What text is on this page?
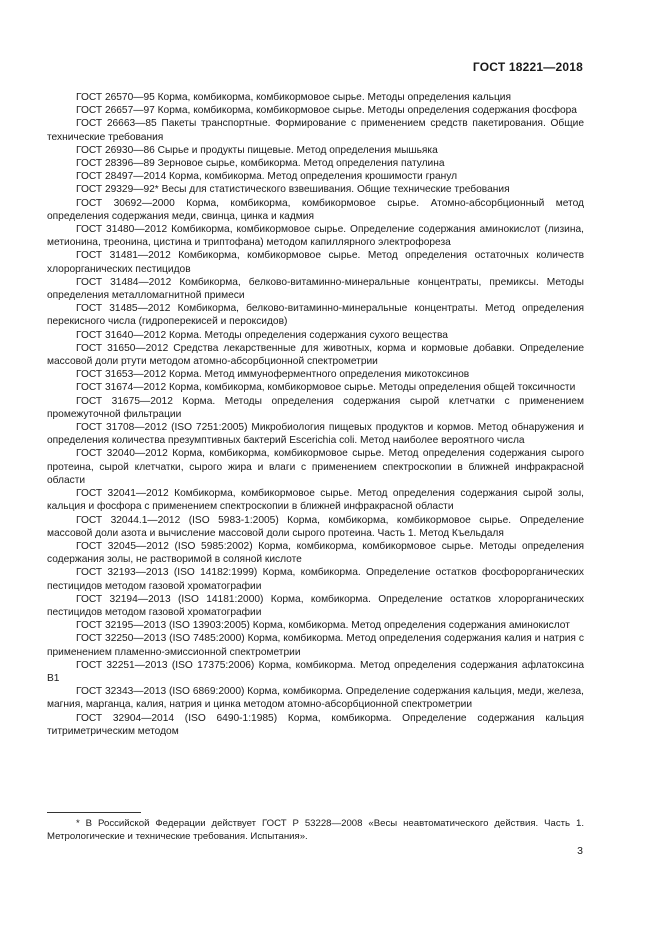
ГОСТ 18221—2018

ГОСТ 26570—95 Корма, комбикорма, комбикормовое сырье. Методы определения кальция

ГОСТ 26657—97 Корма, комбикорма, комбикормовое сырье. Методы определения содержания фосфора

ГОСТ 26663—85 Пакеты транспортные. Формирование с применением средств пакетирования. Общие технические требования

ГОСТ 26930—86 Сырье и продукты пищевые. Метод определения мышьяка

ГОСТ 28396—89 Зерновое сырье, комбикорма. Метод определения патулина

ГОСТ 28497—2014 Корма, комбикорма. Метод определения крошимости гранул

ГОСТ 29329—92* Весы для статистического взвешивания. Общие технические требования

ГОСТ 30692—2000 Корма, комбикорма, комбикормовое сырье. Атомно-абсорбционный метод определения содержания меди, свинца, цинка и кадмия

ГОСТ 31480—2012 Комбикорма, комбикормовое сырье. Определение содержания аминокислот (лизина, метионина, треонина, цистина и триптофана) методом капиллярного электрофореза

ГОСТ 31481—2012 Комбикорма, комбикормовое сырье. Метод определения остаточных количеств хлорорганических пестицидов

ГОСТ 31484—2012 Комбикорма, белково-витаминно-минеральные концентраты, премиксы. Методы определения металломагнитной примеси

ГОСТ 31485—2012 Комбикорма, белково-витаминно-минеральные концентраты. Метод определения перекисного числа (гидроперекисей и пероксидов)

ГОСТ 31640—2012 Корма. Методы определения содержания сухого вещества

ГОСТ 31650—2012 Средства лекарственные для животных, корма и кормовые добавки. Определение массовой доли ртути методом атомно-абсорбционной спектрометрии

ГОСТ 31653—2012 Корма. Метод иммуноферментного определения микотоксинов

ГОСТ 31674—2012 Корма, комбикорма, комбикормовое сырье. Методы определения общей токсичности

ГОСТ 31675—2012 Корма. Методы определения содержания сырой клетчатки с применением промежуточной фильтрации

ГОСТ 31708—2012 (ISO 7251:2005) Микробиология пищевых продуктов и кормов. Метод обнаружения и определения количества презумптивных бактерий Escerichia coli. Метод наиболее вероятного числа

ГОСТ 32040—2012 Корма, комбикорма, комбикормовое сырье. Метод определения содержания сырого протеина, сырой клетчатки, сырого жира и влаги с применением спектроскопии в ближней инфракрасной области

ГОСТ 32041—2012 Комбикорма, комбикормовое сырье. Метод определения содержания сырой золы, кальция и фосфора с применением спектроскопии в ближней инфракрасной области

ГОСТ 32044.1—2012 (ISO 5983-1:2005) Корма, комбикорма, комбикормовое сырье. Определение массовой доли азота и вычисление массовой доли сырого протеина. Часть 1. Метод Къельдаля

ГОСТ 32045—2012 (ISO 5985:2002) Корма, комбикорма, комбикормовое сырье. Методы определения содержания золы, не растворимой в соляной кислоте

ГОСТ 32193—2013 (ISO 14182:1999) Корма, комбикорма. Определение остатков фосфорорганических пестицидов методом газовой хроматографии

ГОСТ 32194—2013 (ISO 14181:2000) Корма, комбикорма. Определение остатков хлорорганических пестицидов методом газовой хроматографии

ГОСТ 32195—2013 (ISO 13903:2005) Корма, комбикорма. Метод определения содержания аминокислот

ГОСТ 32250—2013 (ISO 7485:2000) Корма, комбикорма. Метод определения содержания калия и натрия с применением пламенно-эмиссионной спектрометрии

ГОСТ 32251—2013 (ISO 17375:2006) Корма, комбикорма. Метод определения содержания афлатоксина В1

ГОСТ 32343—2013 (ISO 6869:2000) Корма, комбикорма. Определение содержания кальция, меди, железа, магния, марганца, калия, натрия и цинка методом атомно-абсорбционной спектрометрии

ГОСТ 32904—2014 (ISO 6490-1:1985) Корма, комбикорма. Определение содержания кальция титриметрическим методом

* В Российской Федерации действует ГОСТ Р 53228—2008 «Весы неавтоматического действия. Часть 1. Метрологические и технические требования. Испытания».

3
